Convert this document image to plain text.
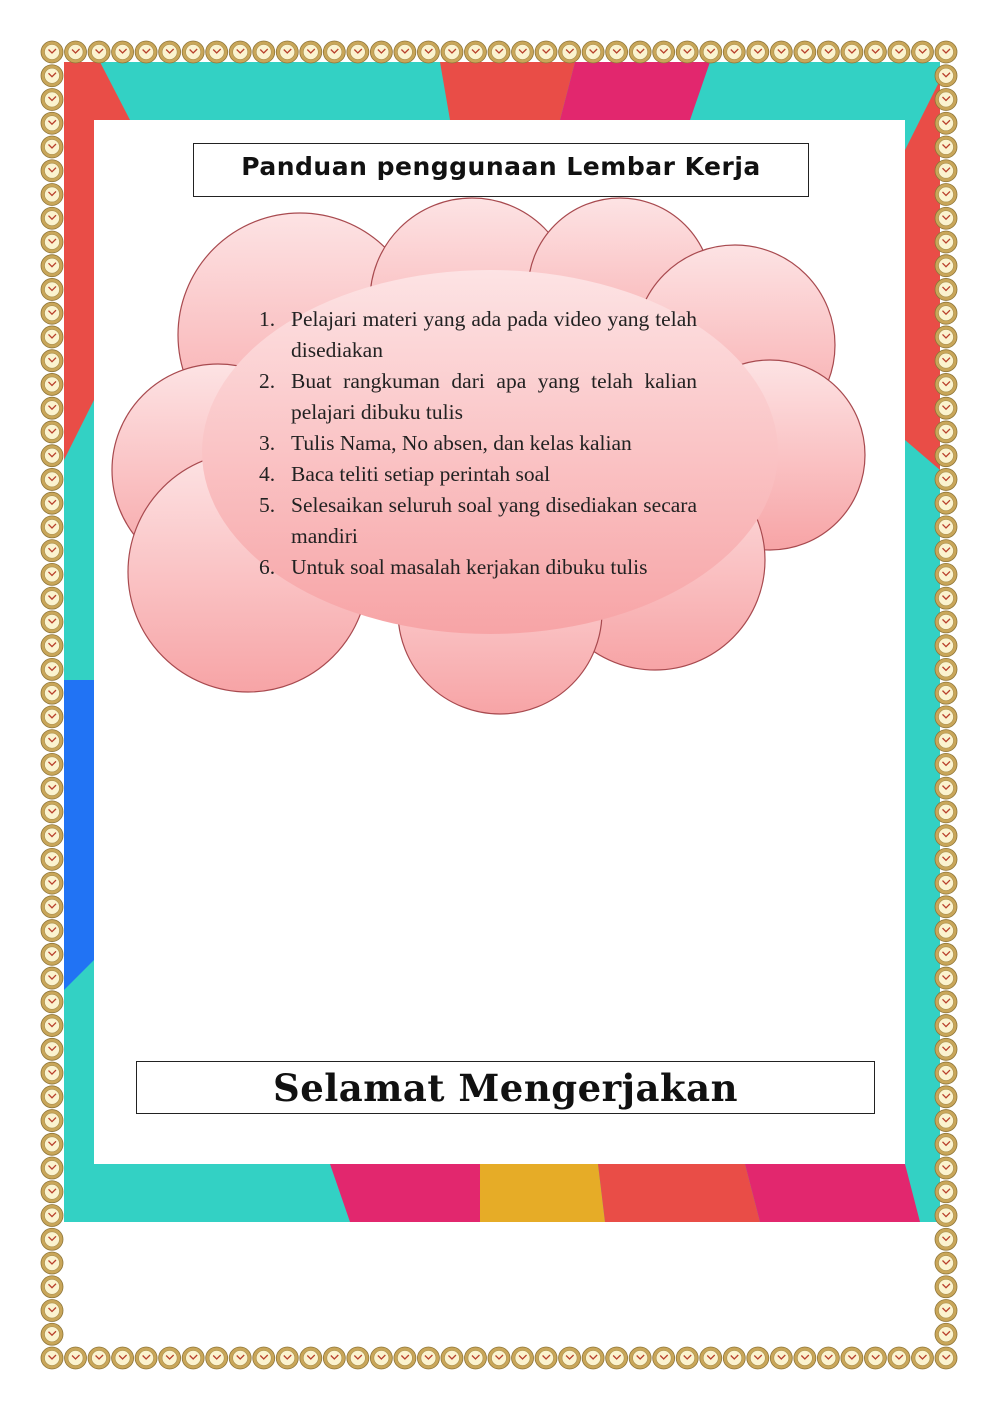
Panduan penggunaan Lembar Kerja
1. Pelajari materi yang ada pada video yang telah disediakan
2. Buat rangkuman dari apa yang telah kalian pelajari dibuku tulis
3. Tulis Nama, No absen, dan kelas kalian
4. Baca teliti setiap perintah soal
5. Selesaikan seluruh soal yang disediakan secara mandiri
6. Untuk soal masalah kerjakan dibuku tulis
Selamat Mengerjakan
